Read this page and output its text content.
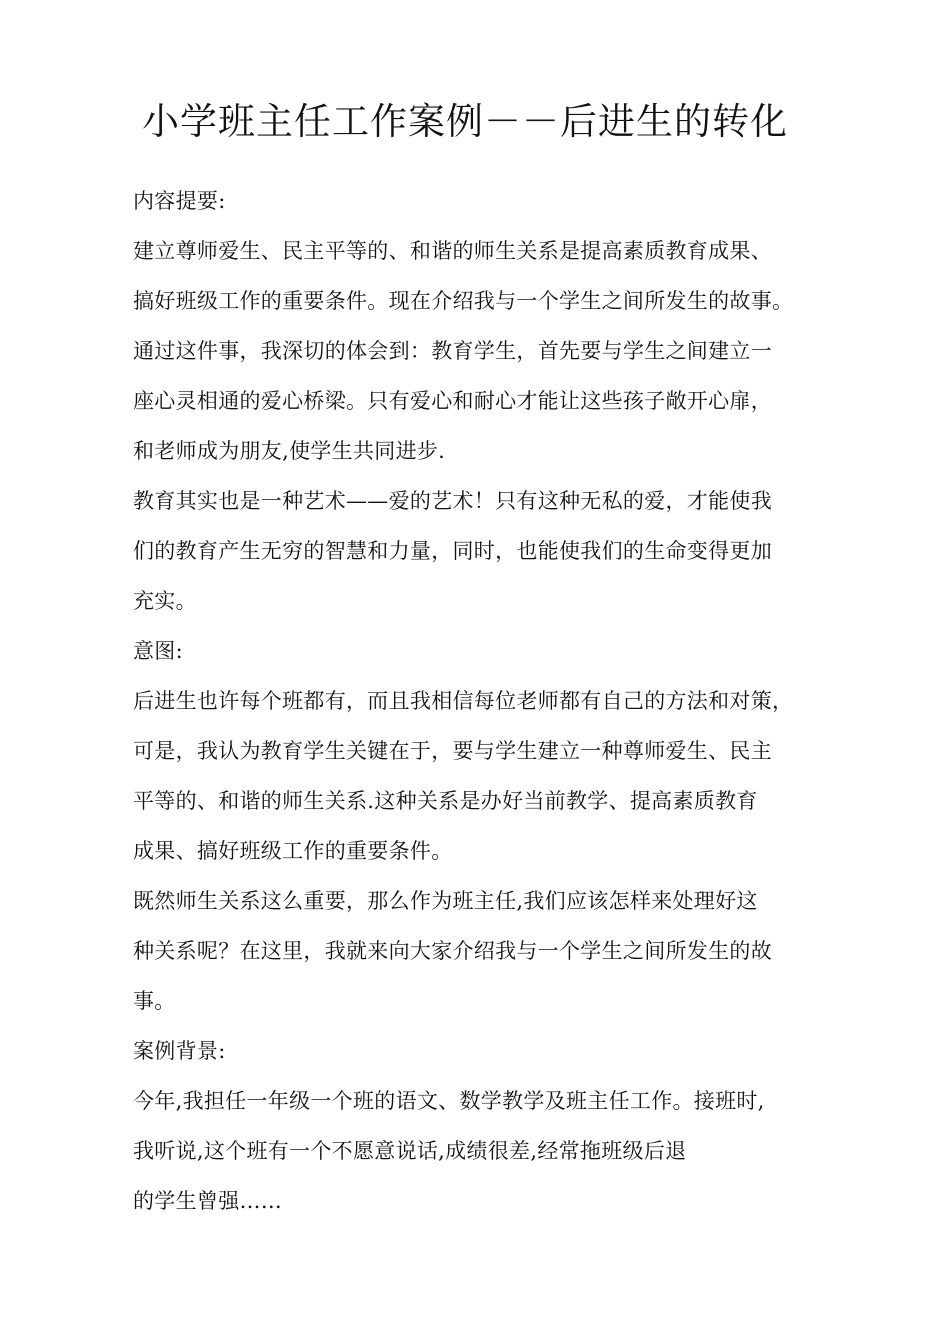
小学班主任工作案例－－后进生的转化
内容提要:
建立尊师爱生、民主平等的、和谐的师生关系是提高素质教育成果、
搞好班级工作的重要条件。现在介绍我与一个学生之间所发生的故事。
通过这件事，我深切的体会到：教育学生，首先要与学生之间建立一
座心灵相通的爱心桥梁。只有爱心和耐心才能让这些孩子敞开心扉，
和老师成为朋友,使学生共同进步.
教育其实也是一种艺术——爱的艺术！只有这种无私的爱，才能使我
们的教育产生无穷的智慧和力量，同时，也能使我们的生命变得更加
充实。
意图:
后进生也许每个班都有，而且我相信每位老师都有自己的方法和对策，
可是，我认为教育学生关键在于，要与学生建立一种尊师爱生、民主
平等的、和谐的师生关系.这种关系是办好当前教学、提高素质教育
成果、搞好班级工作的重要条件。
既然师生关系这么重要，那么作为班主任,我们应该怎样来处理好这
种关系呢？在这里，我就来向大家介绍我与一个学生之间所发生的故
事。
案例背景:
今年,我担任一年级一个班的语文、数学教学及班主任工作。接班时,
我听说,这个班有一个不愿意说话,成绩很差,经常拖班级后退
的学生曾强……
